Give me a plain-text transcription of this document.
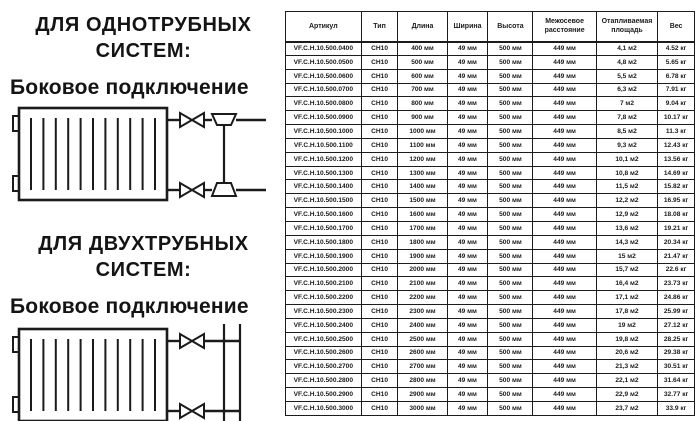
ДЛЯ ОДНОТРУБНЫХ
СИСТЕМ:
Боковое подключение
ДЛЯ ДВУХТРУБНЫХ
СИСТЕМ:
Боковое подключение
Артикул	Тип	Длина	Ширина	Высота	Межосевое расстояние	Отапливаемая площадь	Вес
VF.C.H.10.500.0400	CH10	400 мм	49 мм	500 мм	449 мм	4,1 м2	4.52 кг
VF.C.H.10.500.0500	CH10	500 мм	49 мм	500 мм	449 мм	4,8 м2	5.65 кг
VF.C.H.10.500.0600	CH10	600 мм	49 мм	500 мм	449 мм	5,5 м2	6.78 кг
VF.C.H.10.500.0700	CH10	700 мм	49 мм	500 мм	449 мм	6,3 м2	7.91 кг
VF.C.H.10.500.0800	CH10	800 мм	49 мм	500 мм	449 мм	7 м2	9.04 кг
VF.C.H.10.500.0900	CH10	900 мм	49 мм	500 мм	449 мм	7,8 м2	10.17 кг
VF.C.H.10.500.1000	CH10	1000 мм	49 мм	500 мм	449 мм	8,5 м2	11.3 кг
VF.C.H.10.500.1100	CH10	1100 мм	49 мм	500 мм	449 мм	9,3 м2	12.43 кг
VF.C.H.10.500.1200	CH10	1200 мм	49 мм	500 мм	449 мм	10,1 м2	13.56 кг
VF.C.H.10.500.1300	CH10	1300 мм	49 мм	500 мм	449 мм	10,8 м2	14.69 кг
VF.C.H.10.500.1400	CH10	1400 мм	49 мм	500 мм	449 мм	11,5 м2	15.82 кг
VF.C.H.10.500.1500	CH10	1500 мм	49 мм	500 мм	449 мм	12,2 м2	16.95 кг
VF.C.H.10.500.1600	CH10	1600 мм	49 мм	500 мм	449 мм	12,9 м2	18.08 кг
VF.C.H.10.500.1700	CH10	1700 мм	49 мм	500 мм	449 мм	13,6 м2	19.21 кг
VF.C.H.10.500.1800	CH10	1800 мм	49 мм	500 мм	449 мм	14,3 м2	20.34 кг
VF.C.H.10.500.1900	CH10	1900 мм	49 мм	500 мм	449 мм	15 м2	21.47 кг
VF.C.H.10.500.2000	CH10	2000 мм	49 мм	500 мм	449 мм	15,7 м2	22.6 кг
VF.C.H.10.500.2100	CH10	2100 мм	49 мм	500 мм	449 мм	16,4 м2	23.73 кг
VF.C.H.10.500.2200	CH10	2200 мм	49 мм	500 мм	449 мм	17,1 м2	24.86 кг
VF.C.H.10.500.2300	CH10	2300 мм	49 мм	500 мм	449 мм	17,8 м2	25.99 кг
VF.C.H.10.500.2400	CH10	2400 мм	49 мм	500 мм	449 мм	19 м2	27.12 кг
VF.C.H.10.500.2500	CH10	2500 мм	49 мм	500 мм	449 мм	19,8 м2	28.25 кг
VF.C.H.10.500.2600	CH10	2600 мм	49 мм	500 мм	449 мм	20,6 м2	29.38 кг
VF.C.H.10.500.2700	CH10	2700 мм	49 мм	500 мм	449 мм	21,3 м2	30.51 кг
VF.C.H.10.500.2800	CH10	2800 мм	49 мм	500 мм	449 мм	22,1 м2	31.64 кг
VF.C.H.10.500.2900	CH10	2900 мм	49 мм	500 мм	449 мм	22,9 м2	32.77 кг
VF.C.H.10.500.3000	CH10	3000 мм	49 мм	500 мм	449 мм	23,7 м2	33.9 кг
